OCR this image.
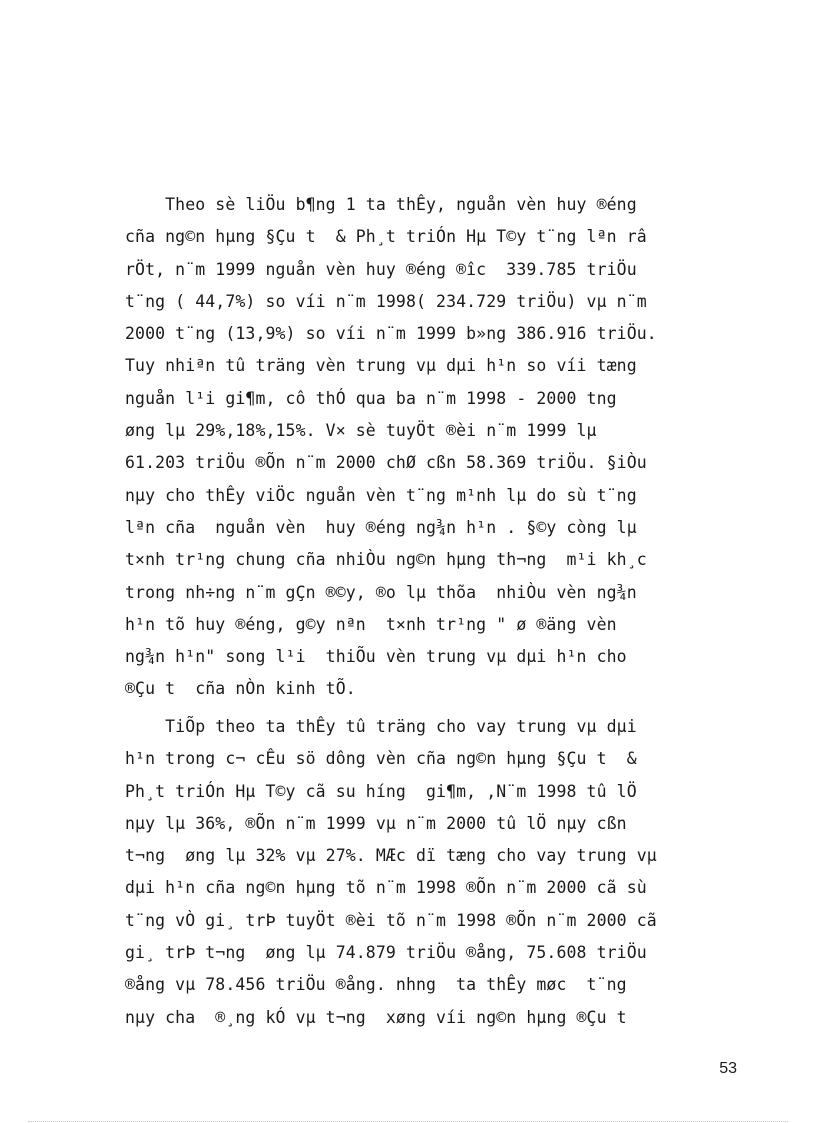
Theo sè liÖu b¶ng 1 ta thÊy, nguån vèn huy ®éng
cña ng©n hµng §Çu t  & Ph¸t triÓn Hµ T©y t¨ng lªn râ
rÖt, n¨m 1999 nguån vèn huy ®éng ®îc  339.785 triÖu
t¨ng ( 44,7%) so víi n¨m 1998( 234.729 triÖu) vµ n¨m
2000 t¨ng (13,9%) so víi n¨m 1999 b»ng 386.916 triÖu.
Tuy nhiªn tû träng vèn trung vµ dµi h¹n so víi tæng
nguån l¹i gi¶m, cô thÓ qua ba n¨m 1998 - 2000 tng
øng lµ 29%,18%,15%. V× sè tuyÖt ®èi n¨m 1999 lµ
61.203 triÖu ®Õn n¨m 2000 chØ cßn 58.369 triÖu. §iÒu
nµy cho thÊy viÖc nguån vèn t¨ng m¹nh lµ do sù t¨ng
lªn cña  nguån vèn  huy ®éng ng¾n h¹n . §©y còng lµ
t×nh tr¹ng chung cña nhiÒu ng©n hµng th¬ng  m¹i kh¸c
trong nh÷ng n¨m gÇn ®©y, ®o lµ thõa  nhiÒu vèn ng¾n
h¹n tõ huy ®éng, g©y nªn  t×nh tr¹ng " ø ®äng vèn
ng¾n h¹n" song l¹i  thiÕu vèn trung vµ dµi h¹n cho
®Çu t  cña nÒn kinh tÕ.
TiÕp theo ta thÊy tû träng cho vay trung vµ dµi
h¹n trong c¬ cÊu sö dông vèn cña ng©n hµng §Çu t  &
Ph¸t triÓn Hµ T©y cã su híng  gi¶m, ,N¨m 1998 tû lÖ
nµy lµ 36%, ®Õn n¨m 1999 vµ n¨m 2000 tû lÖ nµy cßn
t¬ng  øng lµ 32% vµ 27%. MÆc dï tæng cho vay trung vµ
dµi h¹n cña ng©n hµng tõ n¨m 1998 ®Õn n¨m 2000 cã sù
t¨ng vÒ gi¸ trÞ tuyÖt ®èi tõ n¨m 1998 ®Õn n¨m 2000 cã
gi¸ trÞ t¬ng  øng lµ 74.879 triÖu ®ång, 75.608 triÖu
®ång vµ 78.456 triÖu ®ång. nhng  ta thÊy møc  t¨ng
nµy cha  ®¸ng kÓ vµ t¬ng  xøng víi ng©n hµng ®Çu t
53
